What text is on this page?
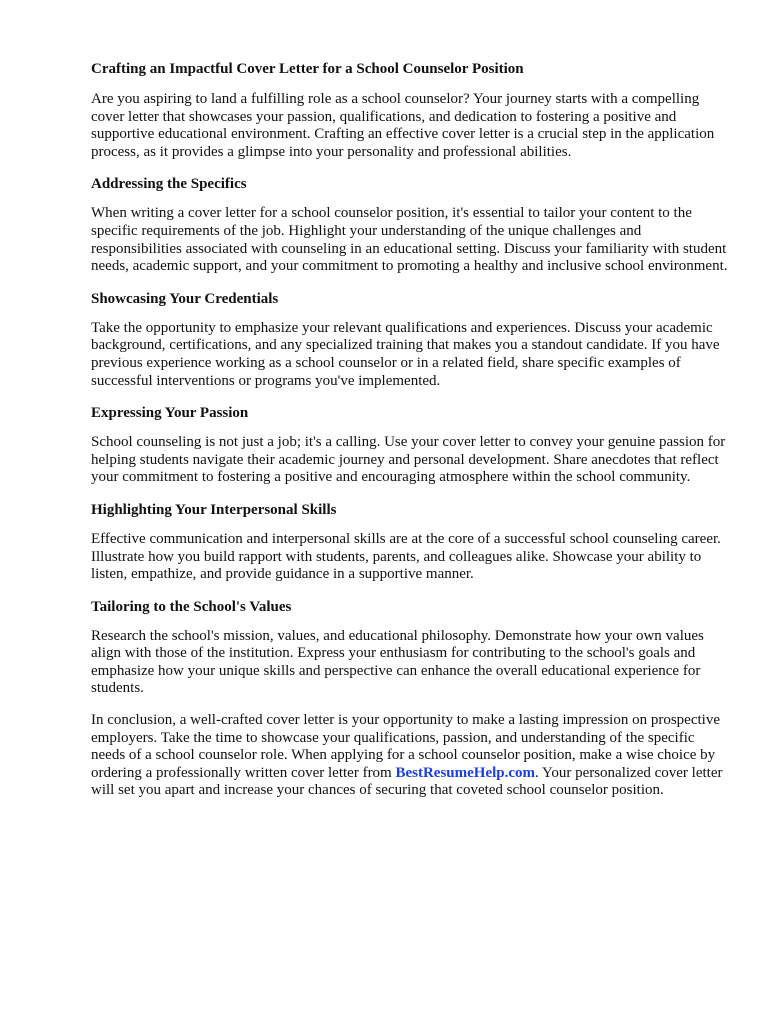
Crafting an Impactful Cover Letter for a School Counselor Position

Are you aspiring to land a fulfilling role as a school counselor? Your journey starts with a compelling cover letter that showcases your passion, qualifications, and dedication to fostering a positive and supportive educational environment. Crafting an effective cover letter is a crucial step in the application process, as it provides a glimpse into your personality and professional abilities.

Addressing the Specifics

When writing a cover letter for a school counselor position, it's essential to tailor your content to the specific requirements of the job. Highlight your understanding of the unique challenges and responsibilities associated with counseling in an educational setting. Discuss your familiarity with student needs, academic support, and your commitment to promoting a healthy and inclusive school environment.

Showcasing Your Credentials

Take the opportunity to emphasize your relevant qualifications and experiences. Discuss your academic background, certifications, and any specialized training that makes you a standout candidate. If you have previous experience working as a school counselor or in a related field, share specific examples of successful interventions or programs you've implemented.

Expressing Your Passion

School counseling is not just a job; it's a calling. Use your cover letter to convey your genuine passion for helping students navigate their academic journey and personal development. Share anecdotes that reflect your commitment to fostering a positive and encouraging atmosphere within the school community.

Highlighting Your Interpersonal Skills

Effective communication and interpersonal skills are at the core of a successful school counseling career. Illustrate how you build rapport with students, parents, and colleagues alike. Showcase your ability to listen, empathize, and provide guidance in a supportive manner.

Tailoring to the School's Values

Research the school's mission, values, and educational philosophy. Demonstrate how your own values align with those of the institution. Express your enthusiasm for contributing to the school's goals and emphasize how your unique skills and perspective can enhance the overall educational experience for students.

In conclusion, a well-crafted cover letter is your opportunity to make a lasting impression on prospective employers. Take the time to showcase your qualifications, passion, and understanding of the specific needs of a school counselor role. When applying for a school counselor position, make a wise choice by ordering a professionally written cover letter from BestResumeHelp.com. Your personalized cover letter will set you apart and increase your chances of securing that coveted school counselor position.
